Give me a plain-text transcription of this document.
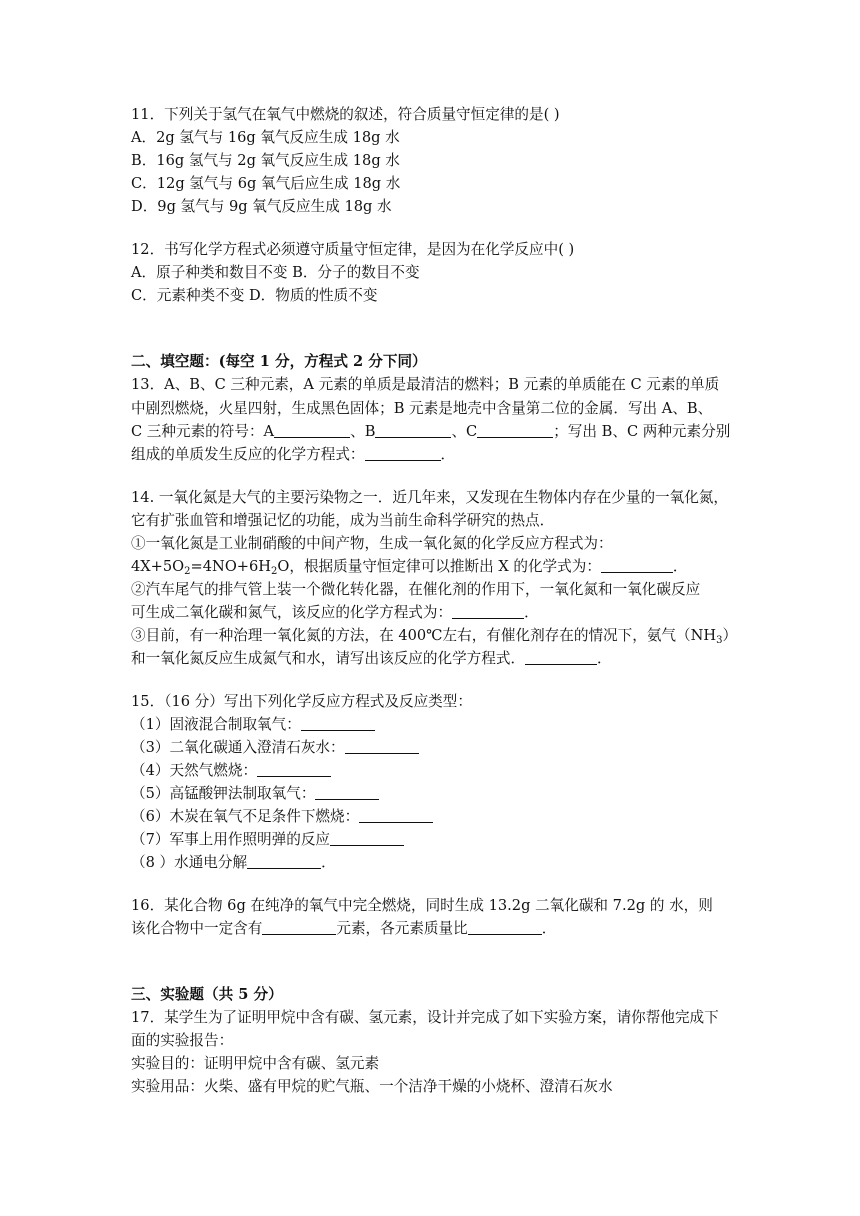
11．下列关于氢气在氧气中燃烧的叙述，符合质量守恒定律的是( )
A．2g 氢气与 16g 氧气反应生成 18g 水
B．16g 氢气与 2g 氧气反应生成 18g 水
C．12g 氢气与 6g 氧气后应生成 18g 水
D．9g 氢气与 9g 氧气反应生成 18g 水
12．书写化学方程式必须遵守质量守恒定律，是因为在化学反应中( )
A．原子种类和数目不变 B．分子的数目不变
C．元素种类不变 D．物质的性质不变
二、填空题：(每空 1 分，方程式 2 分下同）
13．A、B、C 三种元素，A 元素的单质是最清洁的燃料；B 元素的单质能在 C 元素的单质
中剧烈燃烧，火星四射，生成黑色固体；B 元素是地壳中含量第二位的金属．写出 A、B、
C 三种元素的符号：A	、B	、C	；写出 B、C 两种元素分别
组成的单质发生反应的化学方程式：	．
14. 一氧化氮是大气的主要污染物之一．近几年来，又发现在生物体内存在少量的一氧化氮，
它有扩张血管和增强记忆的功能，成为当前生命科学研究的热点．
①一氧化氮是工业制硝酸的中间产物，生成一氧化氮的化学反应方程式为：
$4X+5O_2=4NO+6H_2O$，根据质量守恒定律可以推断出 X 的化学式为：	．
②汽车尾气的排气管上装一个微化转化器，在催化剂的作用下，一氧化氮和一氧化碳反应
可生成二氧化碳和氮气，该反应的化学方程式为：	．
③目前，有一种治理一氧化氮的方法，在 400℃左右，有催化剂存在的情况下，氨气$(NH_3)$
和一氧化氮反应生成氮气和水，请写出该反应的化学方程式．	．
15．（16 分）写出下列化学反应方程式及反应类型：
（1）固液混合制取氧气：
（3）二氧化碳通入澄清石灰水：
（4）天然气燃烧：
（5）高锰酸钾法制取氧气：
（6）木炭在氧气不足条件下燃烧：
（7）军事上用作照明弹的反应
（8 ）水通电分解	．
16．某化合物 6g 在纯净的氧气中完全燃烧，同时生成 13.2g 二氧化碳和 7.2g 的 水，则
该化合物中一定含有	元素，各元素质量比	．
三、实验题（共 5 分）
17．某学生为了证明甲烷中含有碳、氢元素，设计并完成了如下实验方案，请你帮他完成下
面的实验报告：
实验目的：证明甲烷中含有碳、氢元素
实验用品：火柴、盛有甲烷的贮气瓶、一个洁净干燥的小烧杯、澄清石灰水
